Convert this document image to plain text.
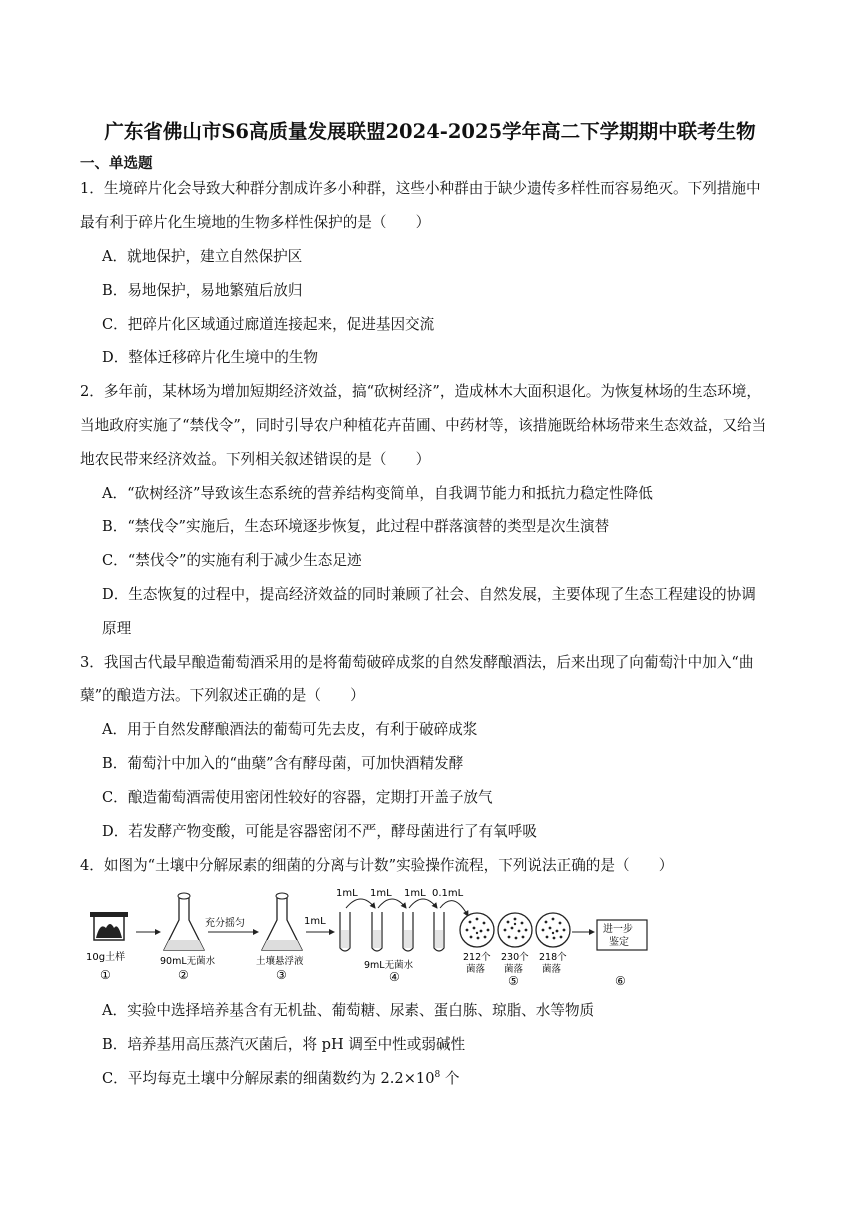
广东省佛山市S6高质量发展联盟2024-2025学年高二下学期期中联考生物
一、单选题
1．生境碎片化会导致大种群分割成许多小种群，这些小种群由于缺少遗传多样性而容易绝灭。下列措施中
最有利于碎片化生境地的生物多样性保护的是（　　）
A．就地保护，建立自然保护区
B．易地保护，易地繁殖后放归
C．把碎片化区域通过廊道连接起来，促进基因交流
D．整体迁移碎片化生境中的生物
2．多年前，某林场为增加短期经济效益，搞“砍树经济”，造成林木大面积退化。为恢复林场的生态环境，
当地政府实施了“禁伐令”，同时引导农户种植花卉苗圃、中药材等，该措施既给林场带来生态效益，又给当
地农民带来经济效益。下列相关叙述错误的是（　　）
A．“砍树经济”导致该生态系统的营养结构变简单，自我调节能力和抵抗力稳定性降低
B．“禁伐令”实施后，生态环境逐步恢复，此过程中群落演替的类型是次生演替
C．“禁伐令”的实施有利于减少生态足迹
D．生态恢复的过程中，提高经济效益的同时兼顾了社会、自然发展，主要体现了生态工程建设的协调
原理
3．我国古代最早酿造葡萄酒采用的是将葡萄破碎成浆的自然发酵酿酒法，后来出现了向葡萄汁中加入“曲
蘖”的酿造方法。下列叙述正确的是（　　）
A．用于自然发酵酿酒法的葡萄可先去皮，有利于破碎成浆
B．葡萄汁中加入的“曲蘖”含有酵母菌，可加快酒精发酵
C．酿造葡萄酒需使用密闭性较好的容器，定期打开盖子放气
D．若发酵产物变酸，可能是容器密闭不严，酵母菌进行了有氧呼吸
4．如图为“土壤中分解尿素的细菌的分离与计数”实验操作流程，下列说法正确的是（　　）
10g土样
①
90mL无菌水
②
充分摇匀
土壤悬浮液
③
1mL
1mL 1mL 1mL 0.1mL
9mL无菌水
④
212个 230个 218个
菌落 菌落 菌落
⑤
进一步
鉴定
⑥
A．实验中选择培养基含有无机盐、葡萄糖、尿素、蛋白胨、琼脂、水等物质
B．培养基用高压蒸汽灭菌后，将 pH 调至中性或弱碱性
C．平均每克土壤中分解尿素的细菌数约为 $2.2\times 10^8$ 个
